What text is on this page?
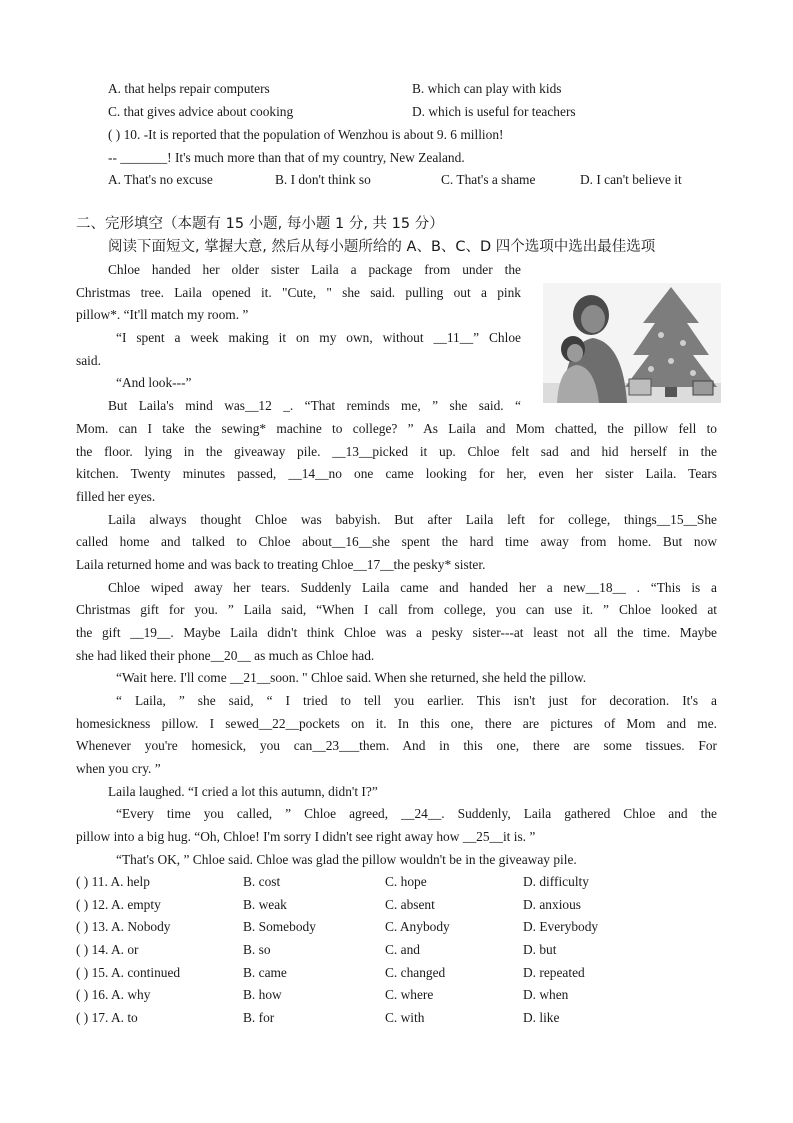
A. that helps repair computers	B. which can play with kids
C. that gives advice about cooking	D. which is useful for teachers
( ) 10. -It is reported that the population of Wenzhou is about 9. 6 million!
-- _______! It's much more than that of my country, New Zealand.
A. That's no excuse	B. I don't think so	C. That's a shame	D. I can't believe it
二、完形填空（本题有 15 小题, 每小题 1 分, 共 15 分）
阅读下面短文, 掌握大意, 然后从每小题所给的 A、B、C、D 四个选项中选出最佳选项
Chloe handed her older sister Laila a package from under the
Christmas tree. Laila opened it. "Cute, " she said. pulling out a pink
pillow*. “It'll match my room. ”
“I spent a week making it on my own, without __11__” Chloe
said.
“And look---”
But Laila's mind was__12 _. “That reminds me, ” she said. “
Mom. can I take the sewing* machine to college? ” As Laila and Mom chatted, the pillow fell to
the floor. lying in the giveaway pile. __13__picked it up. Chloe felt sad and hid herself in the
kitchen. Twenty minutes passed, __14__no one came looking for her, even her sister Laila. Tears
filled her eyes.
Laila always thought Chloe was babyish. But after Laila left for college, things__15__She
called home and talked to Chloe about__16__she spent the hard time away from home. But now
Laila returned home and was back to treating Chloe__17__the pesky* sister.
Chloe wiped away her tears. Suddenly Laila came and handed her a new__18__ . “This is a
Christmas gift for you. ” Laila said, “When I call from college, you can use it. ” Chloe looked at
the gift __19__. Maybe Laila didn't think Chloe was a pesky sister---at least not all the time. Maybe
she had liked their phone__20__ as much as Chloe had.
“Wait here. I'll come __21__soon. " Chloe said. When she returned, she held the pillow.
“ Laila, ” she said, “ I tried to tell you earlier. This isn't just for decoration. It's a
homesickness pillow. I sewed__22__pockets on it. In this one, there are pictures of Mom and me.
Whenever you're homesick, you can__23___them. And in this one, there are some tissues. For
when you cry. ”
Laila laughed. “I cried a lot this autumn, didn't I?”
“Every time you called, ” Chloe agreed, __24__. Suddenly, Laila gathered Chloe and the
pillow into a big hug. “Oh, Chloe! I'm sorry I didn't see right away how __25__it is. ”
“That's OK, ” Chloe said. Chloe was glad the pillow wouldn't be in the giveaway pile.
( ) 11. A. help	B. cost	C. hope	D. difficulty
( ) 12. A. empty	B. weak	C. absent	D. anxious
( ) 13. A. Nobody	B. Somebody	C. Anybody	D. Everybody
( ) 14. A. or	B. so	C. and	D. but
( ) 15. A. continued	B. came	C. changed	D. repeated
( ) 16. A. why	B. how	C. where	D. when
( ) 17. A. to	B. for	C. with	D. like
